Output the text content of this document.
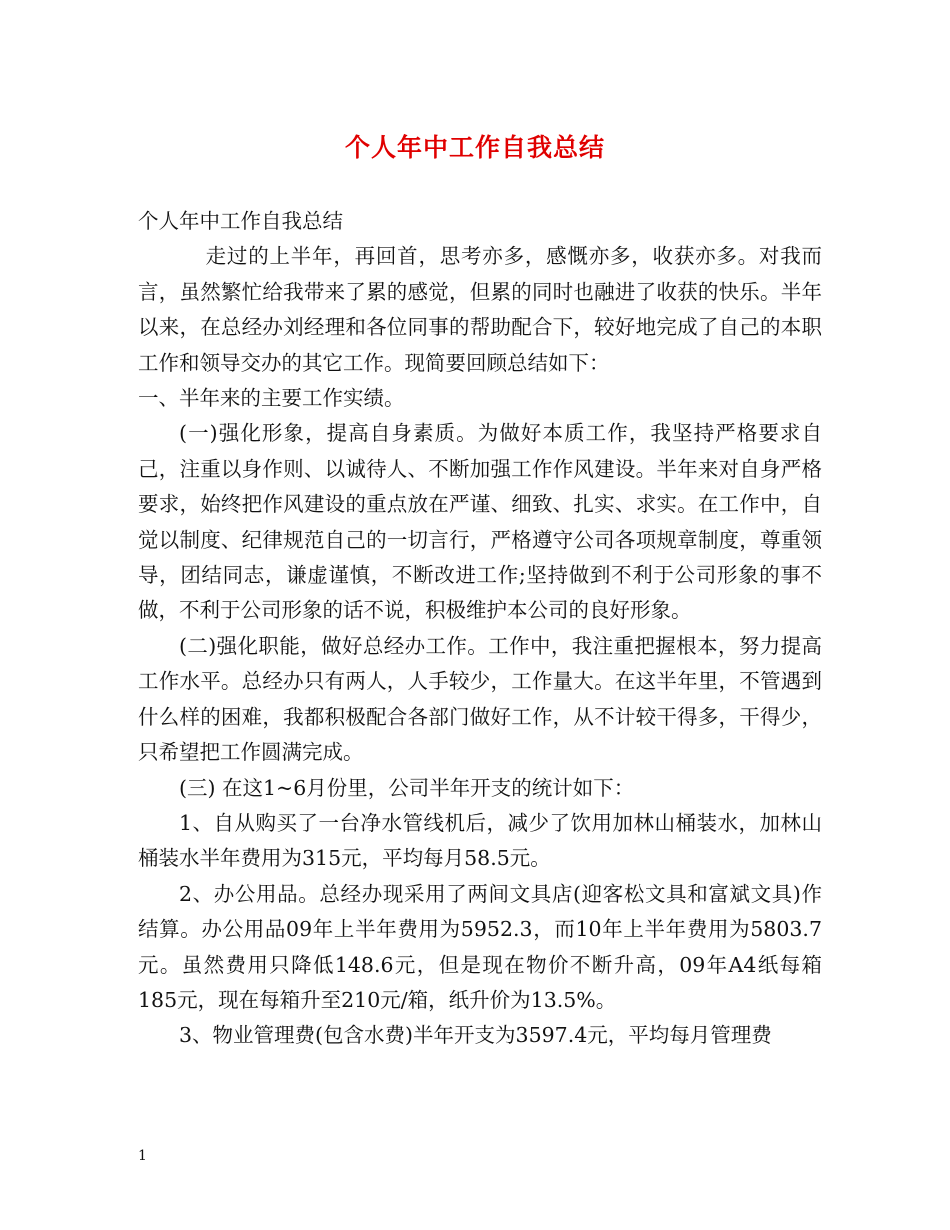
个人年中工作自我总结

个人年中工作自我总结

走过的上半年，再回首，思考亦多，感慨亦多，收获亦多。对我而言，虽然繁忙给我带来了累的感觉，但累的同时也融进了收获的快乐。半年以来，在总经办刘经理和各位同事的帮助配合下，较好地完成了自己的本职工作和领导交办的其它工作。现简要回顾总结如下：

一、半年来的主要工作实绩。

(一)强化形象，提高自身素质。为做好本质工作，我坚持严格要求自己，注重以身作则、以诚待人、不断加强工作作风建设。半年来对自身严格要求，始终把作风建设的重点放在严谨、细致、扎实、求实。在工作中，自觉以制度、纪律规范自己的一切言行，严格遵守公司各项规章制度，尊重领导，团结同志，谦虚谨慎，不断改进工作;坚持做到不利于公司形象的事不做，不利于公司形象的话不说，积极维护本公司的良好形象。

(二)强化职能，做好总经办工作。工作中，我注重把握根本，努力提高工作水平。总经办只有两人，人手较少，工作量大。在这半年里，不管遇到什么样的困难，我都积极配合各部门做好工作，从不计较干得多，干得少，只希望把工作圆满完成。

(三) 在这1~6月份里，公司半年开支的统计如下：

1、自从购买了一台净水管线机后，减少了饮用加林山桶装水，加林山桶装水半年费用为315元，平均每月58.5元。

2、办公用品。总经办现采用了两间文具店(迎客松文具和富斌文具)作结算。办公用品09年上半年费用为5952.3，而10年上半年费用为5803.7元。虽然费用只降低148.6元，但是现在物价不断升高，09年A4纸每箱185元，现在每箱升至210元/箱，纸升价为13.5%。

3、物业管理费(包含水费)半年开支为3597.4元，平均每月管理费

1
